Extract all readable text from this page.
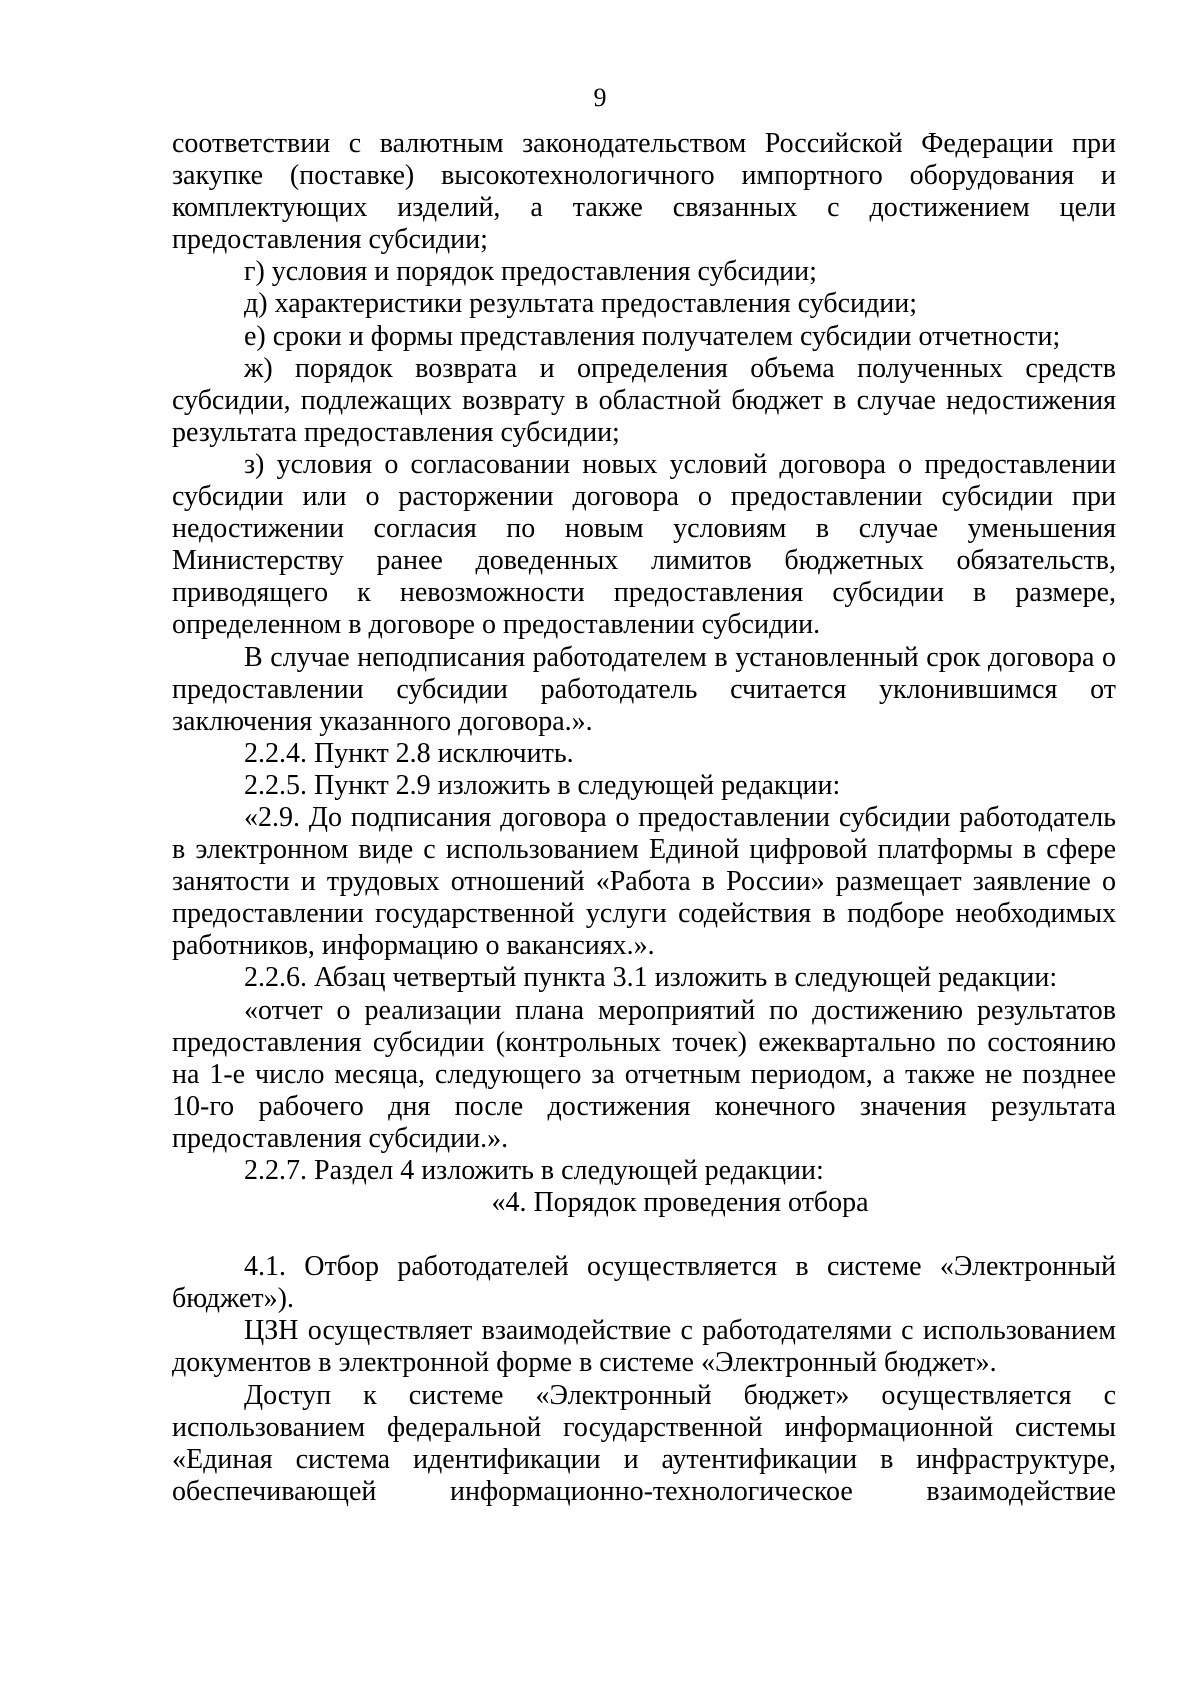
9

соответствии с валютным законодательством Российской Федерации при закупке (поставке) высокотехнологичного импортного оборудования и комплектующих изделий, а также связанных с достижением цели предоставления субсидии;

г) условия и порядок предоставления субсидии;

д) характеристики результата предоставления субсидии;

е) сроки и формы представления получателем субсидии отчетности;

ж) порядок возврата и определения объема полученных средств субсидии, подлежащих возврату в областной бюджет в случае недостижения результата предоставления субсидии;

з) условия о согласовании новых условий договора о предоставлении субсидии или о расторжении договора о предоставлении субсидии при недостижении согласия по новым условиям в случае уменьшения Министерству ранее доведенных лимитов бюджетных обязательств, приводящего к невозможности предоставления субсидии в размере, определенном в договоре о предоставлении субсидии.

В случае неподписания работодателем в установленный срок договора о предоставлении субсидии работодатель считается уклонившимся от заключения указанного договора.».

2.2.4. Пункт 2.8 исключить.

2.2.5. Пункт 2.9 изложить в следующей редакции:

«2.9. До подписания договора о предоставлении субсидии работодатель в электронном виде с использованием Единой цифровой платформы в сфере занятости и трудовых отношений «Работа в России» размещает заявление о предоставлении государственной услуги содействия в подборе необходимых работников, информацию о вакансиях.».

2.2.6. Абзац четвертый пункта 3.1 изложить в следующей редакции:

«отчет о реализации плана мероприятий по достижению результатов предоставления субсидии (контрольных точек) ежеквартально по состоянию на 1-е число месяца, следующего за отчетным периодом, а также не позднее 10-го рабочего дня после достижения конечного значения результата предоставления субсидии.».

2.2.7. Раздел 4 изложить в следующей редакции:

«4. Порядок проведения отбора

4.1. Отбор работодателей осуществляется в системе «Электронный бюджет»).

ЦЗН осуществляет взаимодействие с работодателями с использованием документов в электронной форме в системе «Электронный бюджет».

Доступ к системе «Электронный бюджет» осуществляется с использованием федеральной государственной информационной системы «Единая система идентификации и аутентификации в инфраструктуре, обеспечивающей информационно-технологическое взаимодействие
